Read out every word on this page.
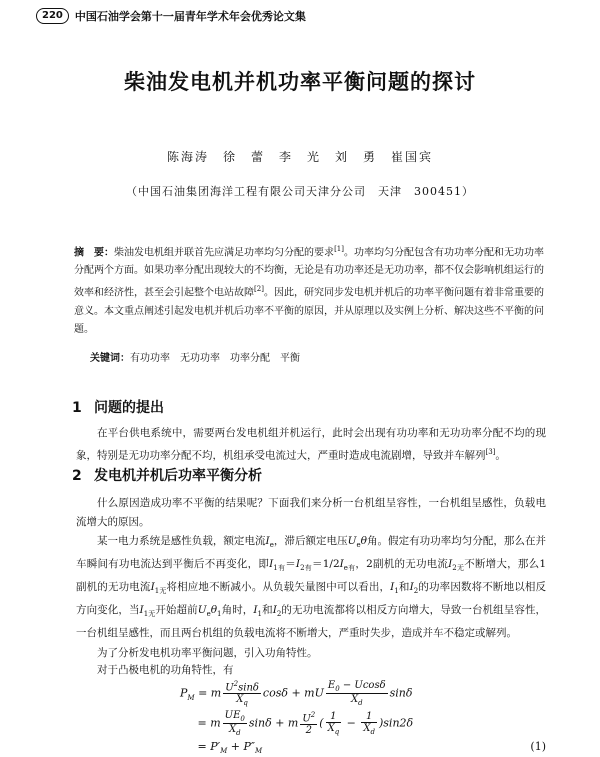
220	中国石油学会第十一届青年学术年会优秀论文集
柴油发电机并机功率平衡问题的探讨
陈海涛　徐　蕾　李　光　刘　勇　崔国宾
（中国石油集团海洋工程有限公司天津分公司　天津　300451）
摘　要：柴油发电机组并联首先应满足功率均匀分配的要求[1]。功率均匀分配包含有功功率分配和无功功率分配两个方面。如果功率分配出现较大的不均衡，无论是有功功率还是无功功率，都不仅会影响机组运行的效率和经济性，甚至会引起整个电站故障[2]。因此，研究同步发电机并机后的功率平衡问题有着非常重要的意义。本文重点阐述引起发电机并机后功率不平衡的原因，并从原理以及实例上分析、解决这些不平衡的问题。
关键词：有功功率　无功功率　功率分配　平衡
1 问题的提出
在平台供电系统中，需要两台发电机组并机运行，此时会出现有功功率和无功功率分配不均的现象，特别是无功功率分配不均，机组承受电流过大，严重时造成电流剧增，导致并车解列[3]。
2 发电机并机后功率平衡分析
什么原因造成功率不平衡的结果呢？下面我们来分析一台机组呈容性，一台机组呈感性，负载电流增大的原因。
某一电力系统是感性负载，额定电流$I_e$，滞后额定电压$U_e\theta$角。假定有功功率均匀分配，那么在并车瞬间有功电流达到平衡后不再变化，即$I_{1有}=I_{2有}=1/2I_{e有}$，2副机的无功电流$I_{2无}$不断增大，那么1副机的无功电流$I_{1无}$将相应地不断减小。从负载矢量图中可以看出，$I_1$和$I_2$的功率因数将不断地以相反方向变化，当$I_{1无}$开始超前$U_e\theta_1$角时，$I_1$和$I_2$的无功电流都将以相反方向增大，导致一台机组呈容性，一台机组呈感性，而且两台机组的负载电流将不断增大，严重时失步，造成并车不稳定或解列。
为了分析发电机功率平衡问题，引入功角特性。
对于凸极电机的功角特性，有
$P_M = m \frac{U^2\sin\delta}{X_q}$ cosδ + mU $\frac{E_0 - Ucos\delta}{X_d}$ sinδ
= m $\frac{UE_0}{X_d}$ sinδ + m $\frac{U^2}{2}$ ( $\frac{1}{X_q} - \frac{1}{X_d} )\sin 2\delta$
= $P'_M + P''_M$	(1)
